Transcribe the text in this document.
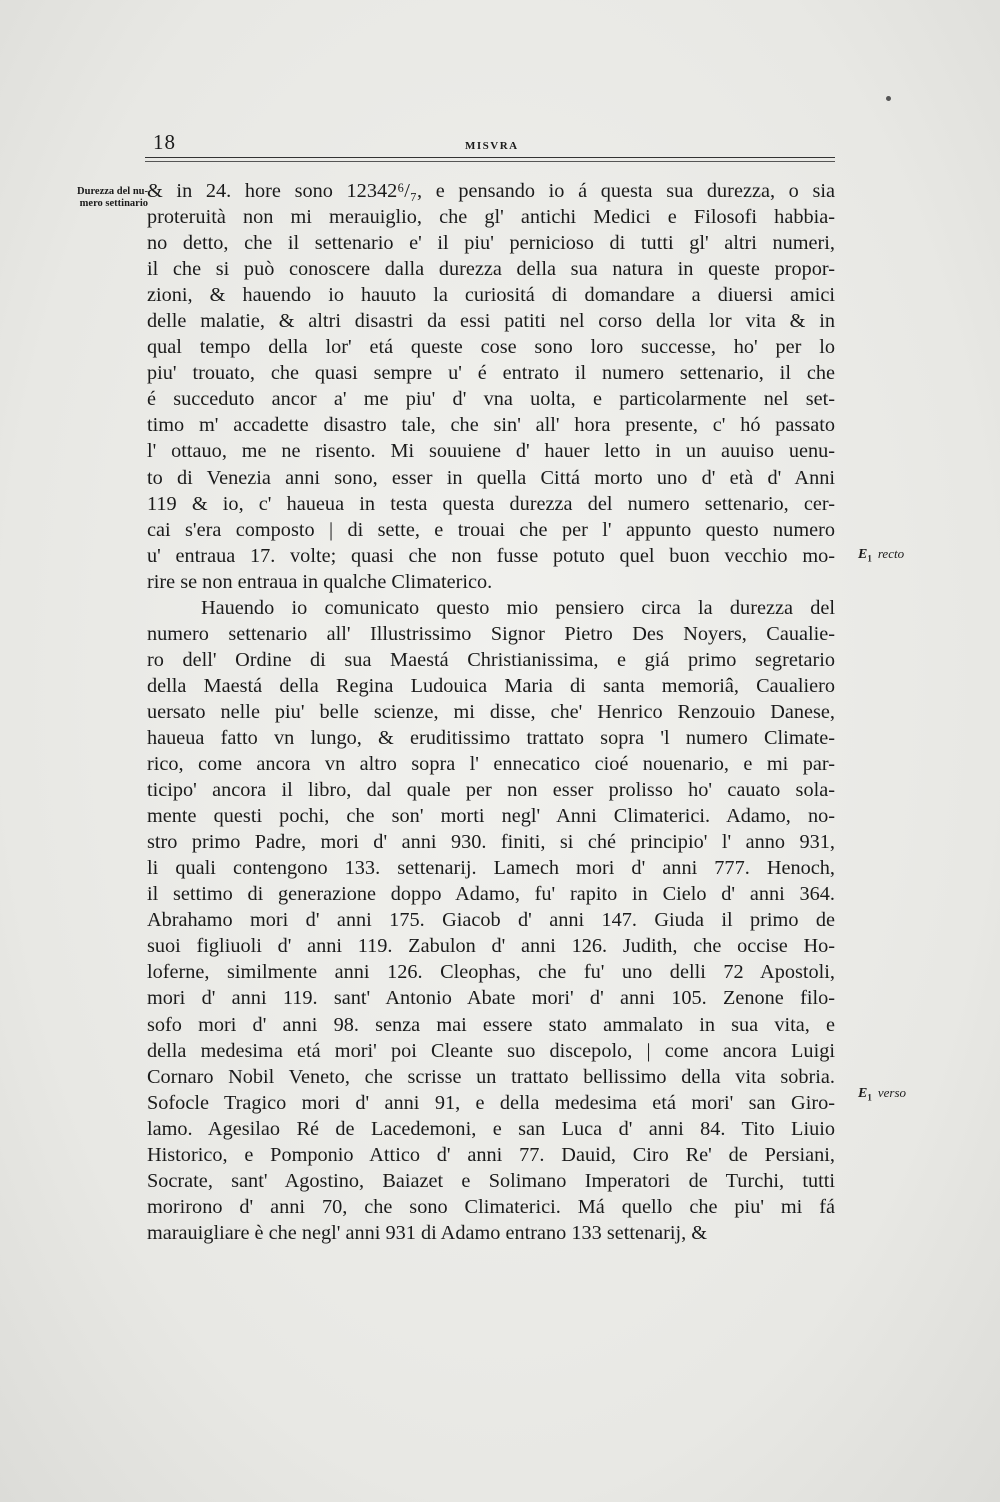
18	MISVRA
Durezza del nu-
mero settinario
& in 24. hore sono 12342⁶/₇, e pensando io á questa sua durezza, o sia
proteruità non mi merauiglio, che gl' antichi Medici e Filosofi habbia-
no detto, che il settenario e' il piu' pernicioso di tutti gl' altri numeri,
il che si può conoscere dalla durezza della sua natura in queste propor-
zioni, & hauendo io hauuto la curiositá di domandare a diuersi amici
delle malatie, & altri disastri da essi patiti nel corso della lor vita & in
qual tempo della lor' etá queste cose sono loro successe, ho' per lo
piu' trouato, che quasi sempre u' é entrato il numero settenario, il che
é succeduto ancor a' me piu' d' vna uolta, e particolarmente nel set-
timo m' accadette disastro tale, che sin' all' hora presente, c' hó passato
l' ottauo, me ne risento. Mi souuiene d' hauer letto in un auuiso uenu-
to di Venezia anni sono, esser in quella Cittá morto uno d' età d' Anni
119 & io, c' haueua in testa questa durezza del numero settenario, cer-
cai s'era composto | di sette, e trouai che per l' appunto questo numero
u' entraua 17. volte; quasi che non fusse potuto quel buon vecchio mo-
rire se non entraua in qualche Climaterico.
Hauendo io comunicato questo mio pensiero circa la durezza del
numero settenario all' Illustrissimo Signor Pietro Des Noyers, Caualie-
ro dell' Ordine di sua Maestá Christianissima, e giá primo segretario
della Maestá della Regina Ludouica Maria di santa memoriâ, Caualiero
uersato nelle piu' belle scienze, mi disse, che' Henrico Renzouio Danese,
haueua fatto vn lungo, & eruditissimo trattato sopra 'l numero Climate-
rico, come ancora vn altro sopra l' ennecatico cioé nouenario, e mi par-
ticipo' ancora il libro, dal quale per non esser prolisso ho' cauato sola-
mente questi pochi, che son' morti negl' Anni Climaterici. Adamo, no-
stro primo Padre, mori d' anni 930. finiti, si ché principio' l' anno 931,
li quali contengono 133. settenarij. Lamech mori d' anni 777. Henoch,
il settimo di generazione doppo Adamo, fu' rapito in Cielo d' anni 364.
Abrahamo mori d' anni 175. Giacob d' anni 147. Giuda il primo de
suoi figliuoli d' anni 119. Zabulon d' anni 126. Judith, che occise Ho-
loferne, similmente anni 126. Cleophas, che fu' uno delli 72 Apostoli,
mori d' anni 119. sant' Antonio Abate mori' d' anni 105. Zenone filo-
sofo mori d' anni 98. senza mai essere stato ammalato in sua vita, e
della medesima etá mori' poi Cleante suo discepolo, | come ancora Luigi
Cornaro Nobil Veneto, che scrisse un trattato bellissimo della vita sobria.
Sofocle Tragico mori d' anni 91, e della medesima etá mori' san Giro-
lamo. Agesilao Ré de Lacedemoni, e san Luca d' anni 84. Tito Liuio
Historico, e Pomponio Attico d' anni 77. Dauid, Ciro Re' de Persiani,
Socrate, sant' Agostino, Baiazet e Solimano Imperatori de Turchi, tutti
morirono d' anni 70, che sono Climaterici. Má quello che piu' mi fá
marauigliare è che negl' anni 931 di Adamo entrano 133 settenarij, &
$E_1$ recto
$E_1$ verso
